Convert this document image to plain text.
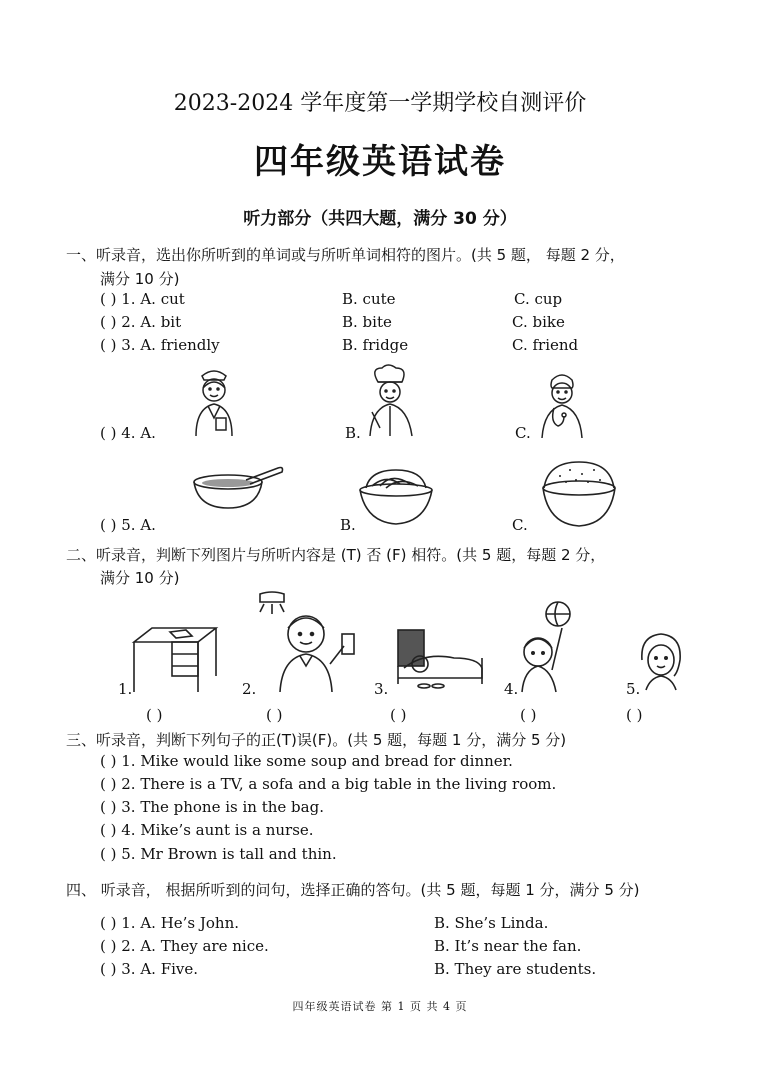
2023-2024 学年度第一学期学校自测评价
四年级英语试卷
听力部分（共四大题，满分 30 分）
一、听录音，选出你所听到的单词或与所听单词相符的图片。(共 5 题， 每题 2 分，
满分 10 分)
( ) 1. A. cut	B. cute	C. cup
( ) 2. A. bit	B. bite	C. bike
( ) 3. A. friendly	B. fridge	C. friend
( ) 4. A.	B.	C.
( ) 5. A.	B.	C.
二、听录音，判断下列图片与所听内容是 (T) 否 (F) 相符。(共 5 题，每题 2 分，
满分 10 分)
1.	2.	3.	4.	5.
( )	( )	( )	( )	( )
三、听录音，判断下列句子的正(T)误(F)。(共 5 题，每题 1 分，满分 5 分)
( ) 1. Mike would like some soup and bread for dinner.
( ) 2. There is a TV, a sofa and a big table in the living room.
( ) 3. The phone is in the bag.
( ) 4. Mike’s aunt is a nurse.
( ) 5. Mr Brown is tall and thin.
四、 听录音， 根据所听到的问句，选择正确的答句。(共 5 题，每题 1 分，满分 5 分)
( ) 1. A. He’s John.	B. She’s Linda.
( ) 2. A. They are nice.	B. It’s near the fan.
( ) 3. A. Five.	B. They are students.
四年级英语试卷 第 1 页 共 4 页
